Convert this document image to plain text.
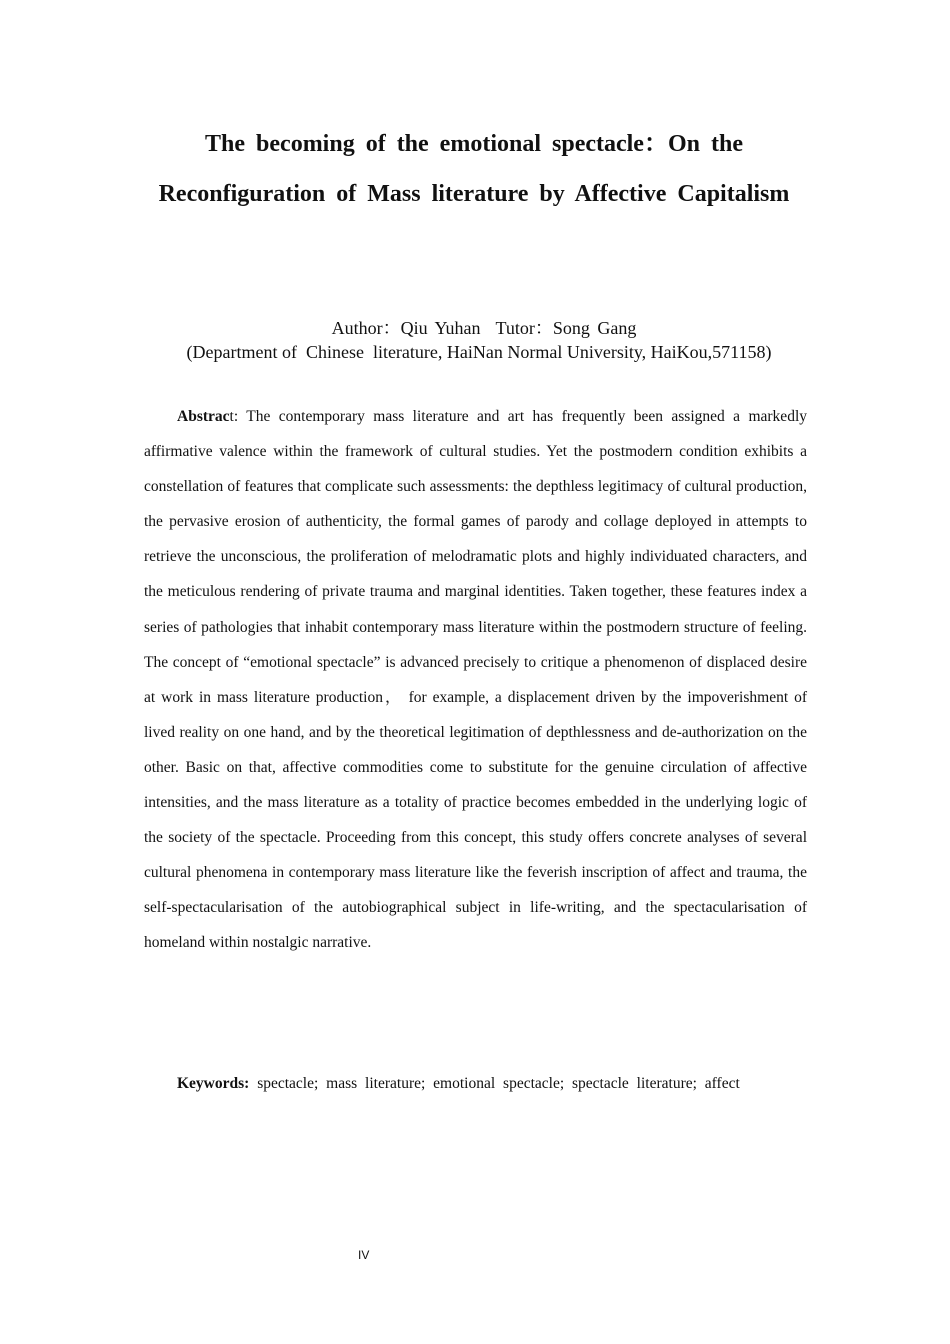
The becoming of the emotional spectacle：On the Reconfiguration of Mass literature by Affective Capitalism
Author：Qiu Yuhan  Tutor：Song Gang
(Department of  Chinese  literature, HaiNan Normal University, HaiKou,571158)

Abstract: The contemporary mass literature and art has frequently been assigned a markedly affirmative valence within the framework of cultural studies. Yet the postmodern condition exhibits a constellation of features that complicate such assessments: the depthless legitimacy of cultural production, the pervasive erosion of authenticity, the formal games of parody and collage deployed in attempts to retrieve the unconscious, the proliferation of melodramatic plots and highly individuated characters, and the meticulous rendering of private trauma and marginal identities. Taken together, these features index a series of pathologies that inhabit contemporary mass literature within the postmodern structure of feeling. The concept of “emotional spectacle” is advanced precisely to critique a phenomenon of displaced desire at work in mass literature production， for example, a displacement driven by the impoverishment of lived reality on one hand, and by the theoretical legitimation of depthlessness and de-authorization on the other. Basic on that, affective commodities come to substitute for the genuine circulation of affective intensities, and the mass literature as a totality of practice becomes embedded in the underlying logic of the society of the spectacle. Proceeding from this concept, this study offers concrete analyses of several cultural phenomena in contemporary mass literature like the feverish inscription of affect and trauma, the self-spectacularisation of the autobiographical subject in life-writing, and the spectacularisation of homeland within nostalgic narrative.

Keywords: spectacle; mass literature; emotional spectacle; spectacle literature; affect
IV
